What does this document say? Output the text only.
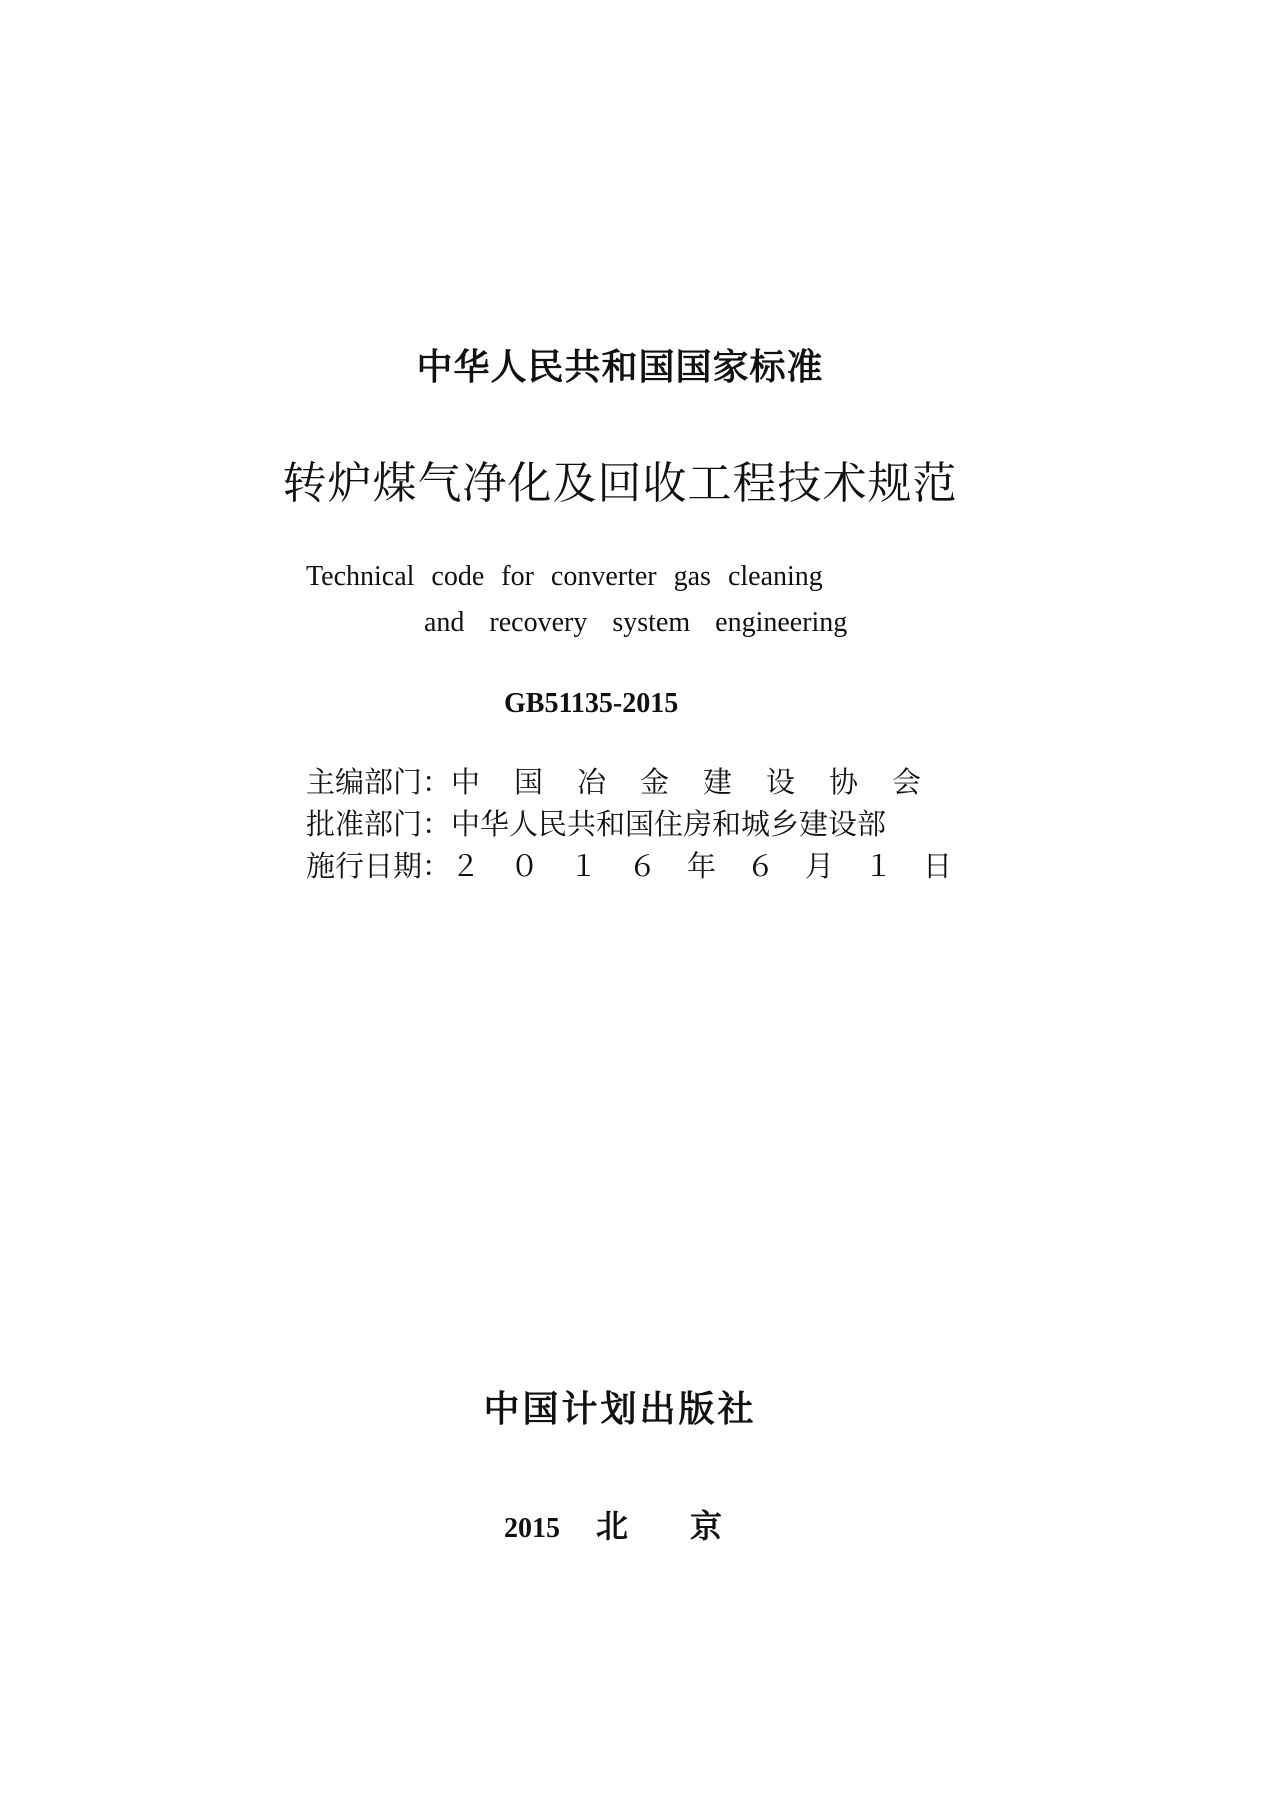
中华人民共和国国家标准
转炉煤气净化及回收工程技术规范
Technical code for converter gas cleaning
and recovery system engineering
GB51135-2015
主编部门： 中国冶金建设协会
批准部门： 中华人民共和国住房和城乡建设部
施行日期： ２０１６年６月１日
中国计划出版社
2015 北京
